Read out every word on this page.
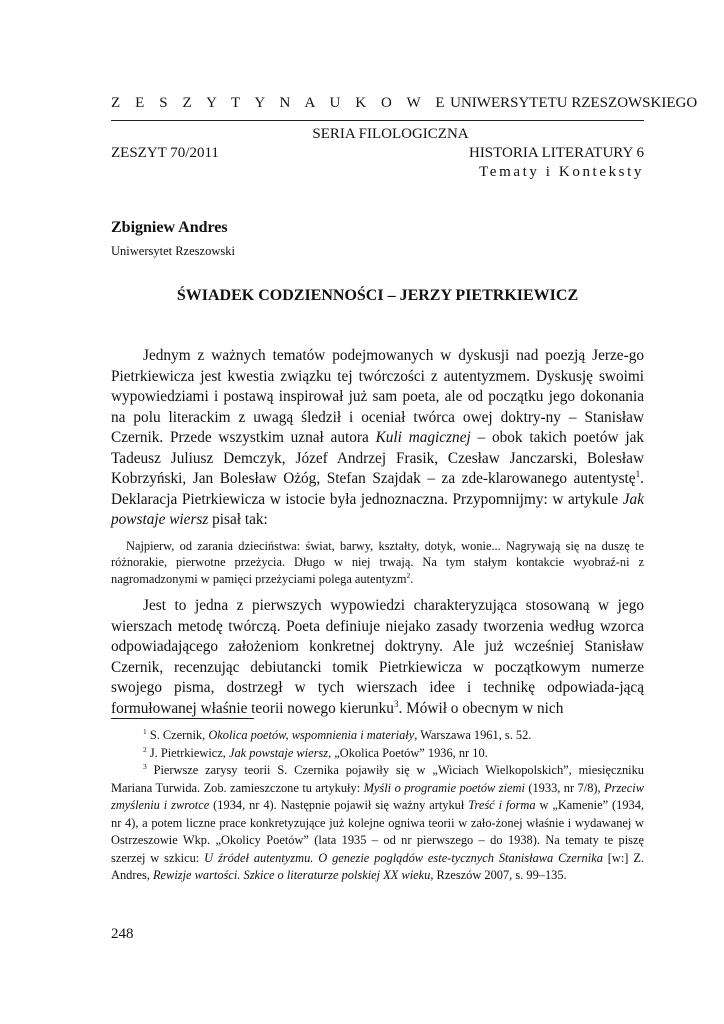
Z E S Z Y T Y N A U K O W E UNIWERSYTETU RZESZOWSKIEGO
SERIA FILOLOGICZNA
ZESZYT 70/2011	HISTORIA LITERATURY 6
Tematy i Konteksty
Zbigniew Andres
Uniwersytet Rzeszowski
ŚWIADEK CODZIENNOŚCI – JERZY PIETRKIEWICZ

Jednym z ważnych tematów podejmowanych w dyskusji nad poezją Jerze-go Pietrkiewicza jest kwestia związku tej twórczości z autentyzmem. Dyskusję swoimi wypowiedziami i postawą inspirował już sam poeta, ale od początku jego dokonania na polu literackim z uwagą śledził i oceniał twórca owej doktry-ny – Stanisław Czernik. Przede wszystkim uznał autora Kuli magicznej – obok takich poetów jak Tadeusz Juliusz Demczyk, Józef Andrzej Frasik, Czesław Janczarski, Bolesław Kobrzyński, Jan Bolesław Ożóg, Stefan Szajdak – za zde-klarowanego autentystę$^1$. Deklaracja Pietrkiewicza w istocie była jednoznaczna. Przypomnijmy: w artykule Jak powstaje wiersz pisał tak:

Najpierw, od zarania dzieciństwa: świat, barwy, kształty, dotyk, wonie... Nagrywają się na duszę te różnorakie, pierwotne przeżycia. Długo w niej trwają. Na tym stałym kontakcie wyobraź-ni z nagromadzonymi w pamięci przeżyciami polega autentyzm$^2$.

Jest to jedna z pierwszych wypowiedzi charakteryzująca stosowaną w jego wierszach metodę twórczą. Poeta definiuje niejako zasady tworzenia według wzorca odpowiadającego założeniom konkretnej doktryny. Ale już wcześniej Stanisław Czernik, recenzując debiutancki tomik Pietrkiewicza w początkowym numerze swojego pisma, dostrzegł w tych wierszach idee i technikę odpowiada-jącą formułowanej właśnie teorii nowego kierunku$^3$. Mówił o obecnym w nich

$^1$ S. Czernik, Okolica poetów, wspomnienia i materiały, Warszawa 1961, s. 52.

$^2$ J. Pietrkiewicz, Jak powstaje wiersz, „Okolica Poetów” 1936, nr 10.

$^3$ Pierwsze zarysy teorii S. Czernika pojawiły się w „Wiciach Wielkopolskich”, miesięczniku Mariana Turwida. Zob. zamieszczone tu artykuły: Myśli o programie poetów ziemi (1933, nr 7/8), Przeciw zmyśleniu i zwrotce (1934, nr 4). Następnie pojawił się ważny artykuł Treść i forma w „Kamenie” (1934, nr 4), a potem liczne prace konkretyzujące już kolejne ogniwa teorii w zało-żonej właśnie i wydawanej w Ostrzeszowie Wkp. „Okolicy Poetów” (lata 1935 – od nr pierwszego – do 1938). Na tematy te piszę szerzej w szkicu: U źródeł autentyzmu. O genezie poglądów este-tycznych Stanisława Czernika [w:] Z. Andres, Rewizje wartości. Szkice o literaturze polskiej XX wieku, Rzeszów 2007, s. 99–135.

248
